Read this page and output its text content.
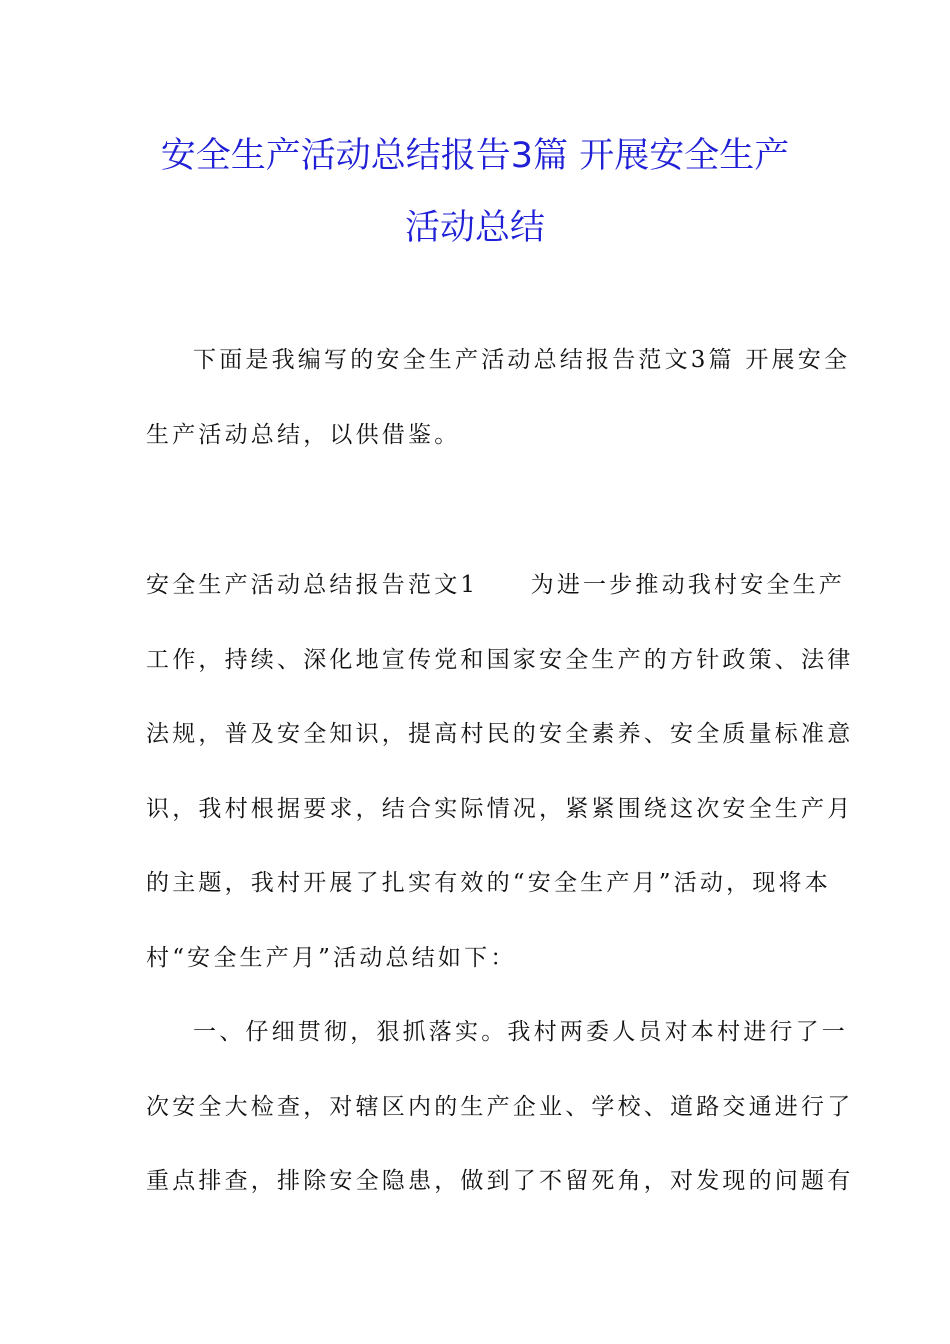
安全生产活动总结报告3篇 开展安全生产
活动总结
下面是我编写的安全生产活动总结报告范文3篇 开展安全
生产活动总结，以供借鉴。
安全生产活动总结报告范文1　　为进一步推动我村安全生产
工作，持续、深化地宣传党和国家安全生产的方针政策、法律
法规，普及安全知识，提高村民的安全素养、安全质量标准意
识，我村根据要求，结合实际情况，紧紧围绕这次安全生产月
的主题，我村开展了扎实有效的“安全生产月”活动，现将本
村“安全生产月”活动总结如下：
一、仔细贯彻，狠抓落实。我村两委人员对本村进行了一
次安全大检查，对辖区内的生产企业、学校、道路交通进行了
重点排查，排除安全隐患，做到了不留死角，对发现的问题有
